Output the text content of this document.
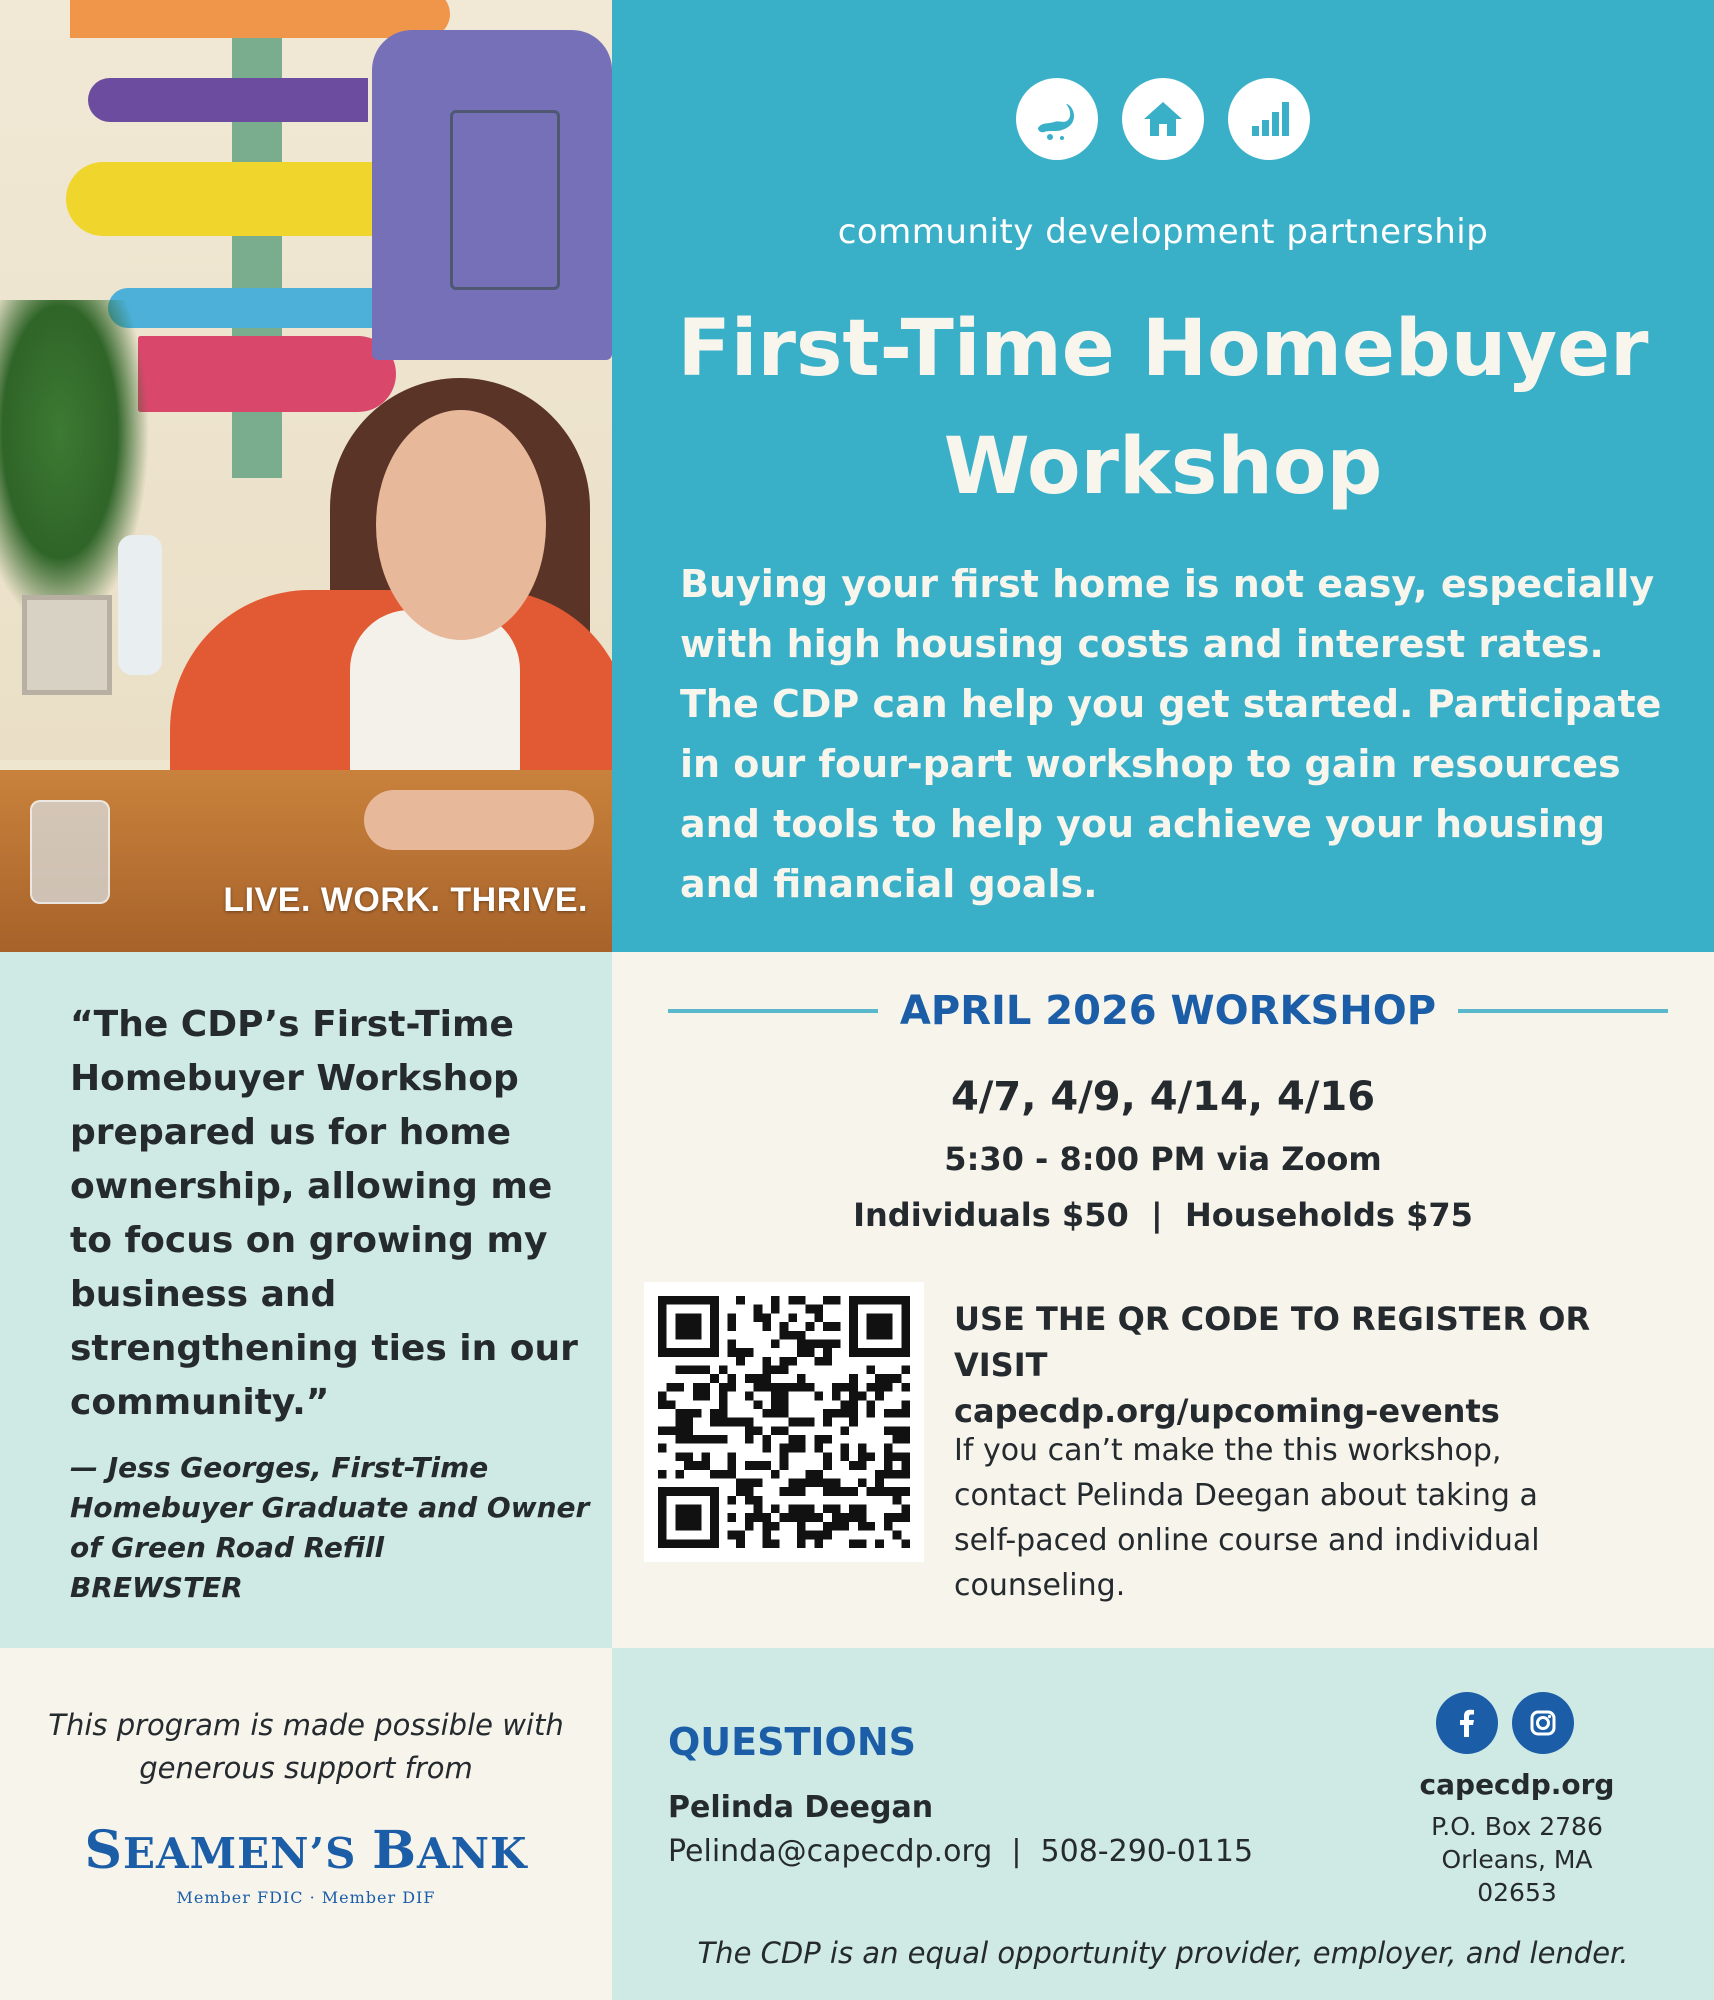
LIVE. WORK. THRIVE.
community development partnership
First-Time Homebuyer
Workshop
Buying your first home is not easy, especially with high housing costs and interest rates. The CDP can help you get started. Participate in our four-part workshop to gain resources and tools to help you achieve your housing and financial goals.
“The CDP’s First-Time Homebuyer Workshop prepared us for home ownership, allowing me to focus on growing my business and strengthening ties in our community.”
— Jess Georges, First-Time Homebuyer Graduate and Owner of Green Road Refill
BREWSTER
APRIL 2026 WORKSHOP
4/7, 4/9, 4/14, 4/16
5:30 - 8:00 PM via Zoom
Individuals $50  |  Households $75
USE THE QR CODE TO REGISTER OR VISIT
capecdp.org/upcoming-events
If you can’t make the this workshop, contact Pelinda Deegan about taking a self-paced online course and individual counseling.
This program is made possible with generous support from
SEAMEN’S BANK
Member FDIC · Member DIF
QUESTIONS
Pelinda Deegan
Pelinda@capecdp.org  |  508-290-0115
capecdp.org
P.O. Box 2786
Orleans, MA
02653
The CDP is an equal opportunity provider, employer, and lender.
